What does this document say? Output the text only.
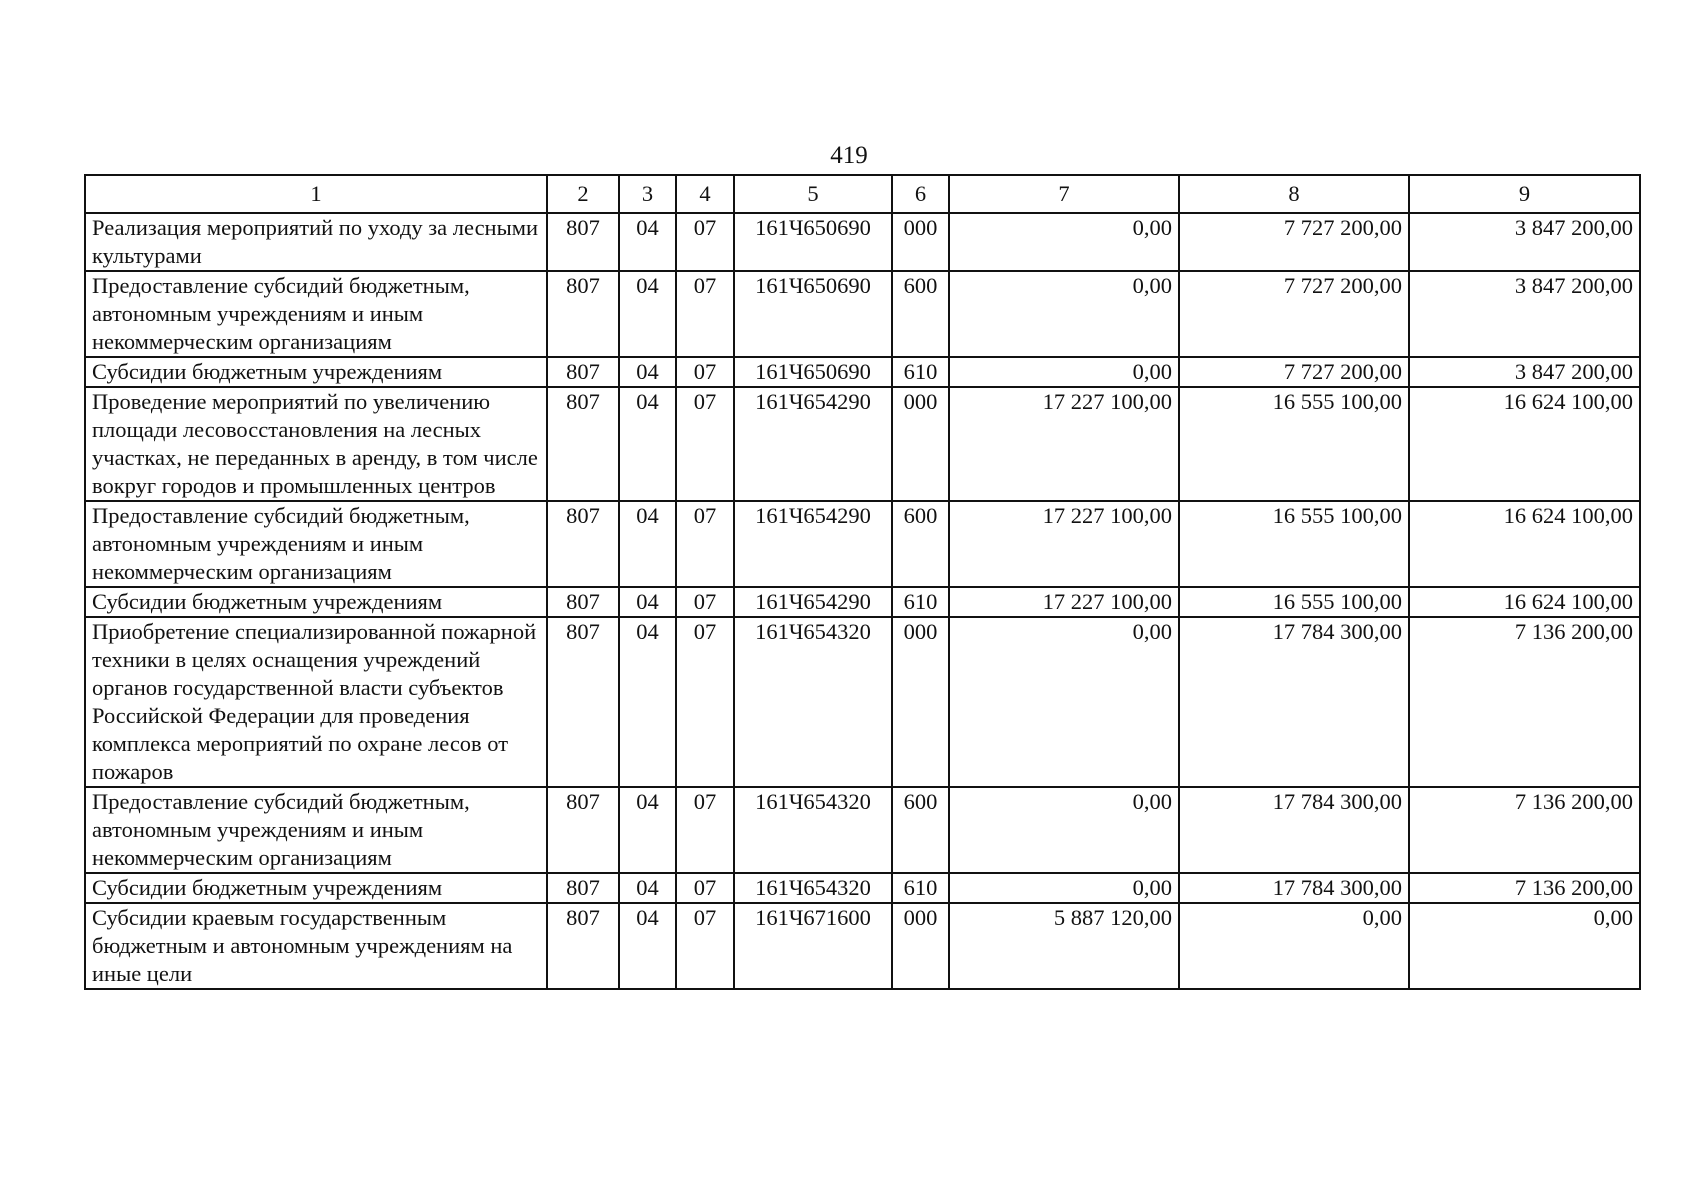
419
1	2	3	4	5	6	7	8	9
Реализация мероприятий по уходу за лесными культурами	807	04	07	161Ч650690	000	0,00	7 727 200,00	3 847 200,00
Предоставление субсидий бюджетным, автономным учреждениям и иным некоммерческим организациям	807	04	07	161Ч650690	600	0,00	7 727 200,00	3 847 200,00
Субсидии бюджетным учреждениям	807	04	07	161Ч650690	610	0,00	7 727 200,00	3 847 200,00
Проведение мероприятий по увеличению площади лесовосстановления на лесных участках, не переданных в аренду, в том числе вокруг городов и промышленных центров	807	04	07	161Ч654290	000	17 227 100,00	16 555 100,00	16 624 100,00
Предоставление субсидий бюджетным, автономным учреждениям и иным некоммерческим организациям	807	04	07	161Ч654290	600	17 227 100,00	16 555 100,00	16 624 100,00
Субсидии бюджетным учреждениям	807	04	07	161Ч654290	610	17 227 100,00	16 555 100,00	16 624 100,00
Приобретение специализированной пожарной техники в целях оснащения учреждений органов государственной власти субъектов Российской Федерации для проведения комплекса мероприятий по охране лесов от пожаров	807	04	07	161Ч654320	000	0,00	17 784 300,00	7 136 200,00
Предоставление субсидий бюджетным, автономным учреждениям и иным некоммерческим организациям	807	04	07	161Ч654320	600	0,00	17 784 300,00	7 136 200,00
Субсидии бюджетным учреждениям	807	04	07	161Ч654320	610	0,00	17 784 300,00	7 136 200,00
Субсидии краевым государственным бюджетным и автономным учреждениям на иные цели	807	04	07	161Ч671600	000	5 887 120,00	0,00	0,00
